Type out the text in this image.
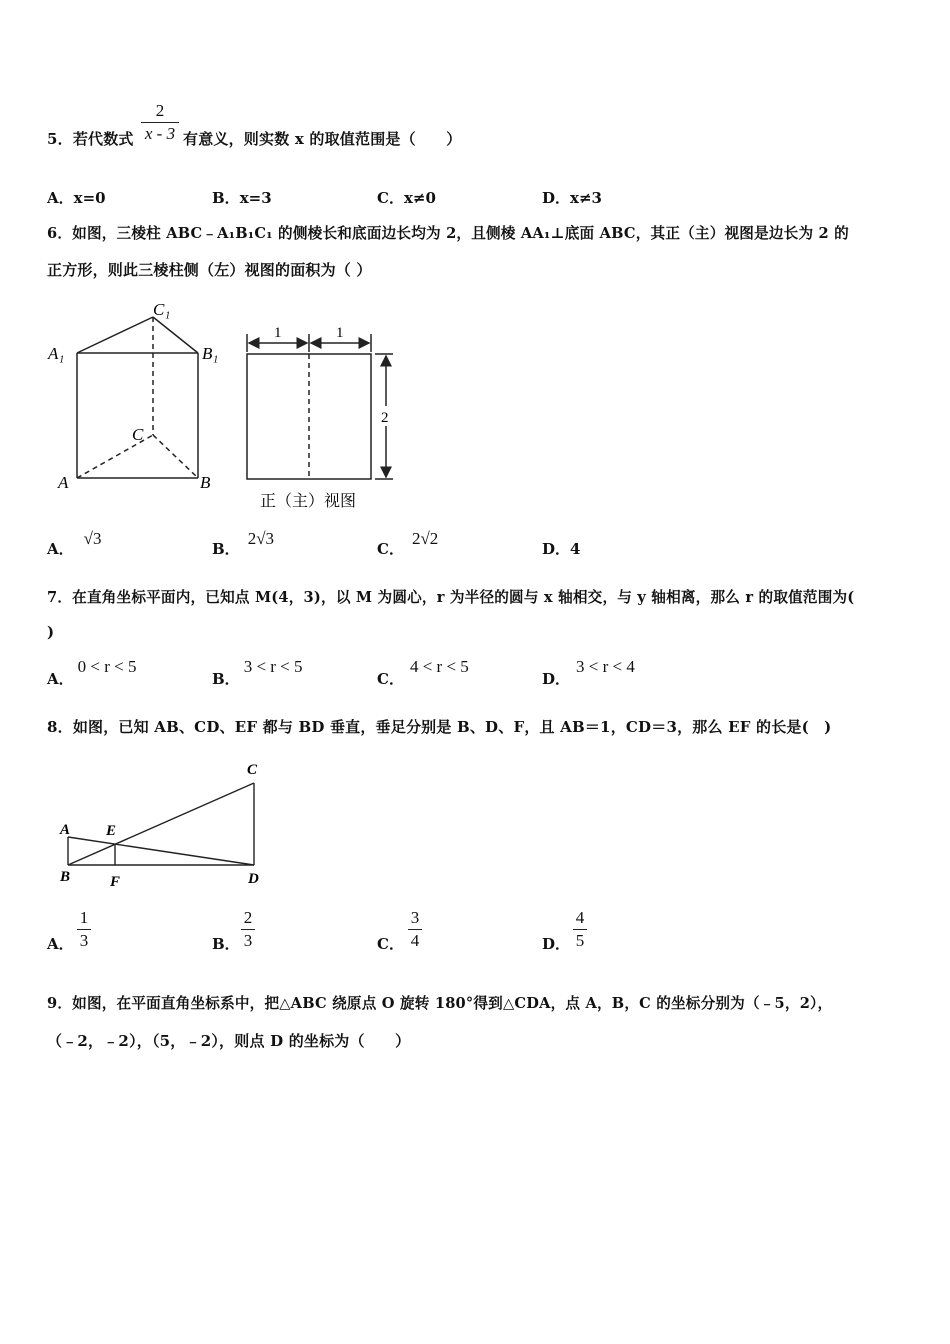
5．若代数式
2
x - 3 有意义，则实数 x 的取值范围是（　　）
A．x=0	B．x=3	C．x≠0	D．x≠3
6．如图，三棱柱 ABC﹣A₁B₁C₁ 的侧棱长和底面边长均为 2，且侧棱 AA₁⊥底面 ABC，其正（主）视图是边长为 2 的
正方形，则此三棱柱侧（左）视图的面积为（ ）
C₁
A₁	B₁
C
A	B
1	1
2
正（主）视图
A．√3
B．2√3
C．2√2
D．4
7．在直角坐标平面内，已知点 M(4，3)，以 M 为圆心，r 为半径的圆与 x 轴相交，与 y 轴相离，那么 r 的取值范围为(
)
A．0 < r < 5
B．3 < r < 5
C．4 < r < 5
D．3 < r < 4
8．如图，已知 AB、CD、EF 都与 BD 垂直，垂足分别是 B、D、F，且 AB＝1，CD＝3，那么 EF 的长是(　)
C
A E
B	F	D
A．
1
3	B．
2
3	C．
3
4	D．
4
5
9．如图，在平面直角坐标系中，把△ABC 绕原点 O 旋转 180°得到△CDA，点 A，B，C 的坐标分别为（﹣5，2），
（﹣2，﹣2），（5，﹣2），则点 D 的坐标为（　　）
